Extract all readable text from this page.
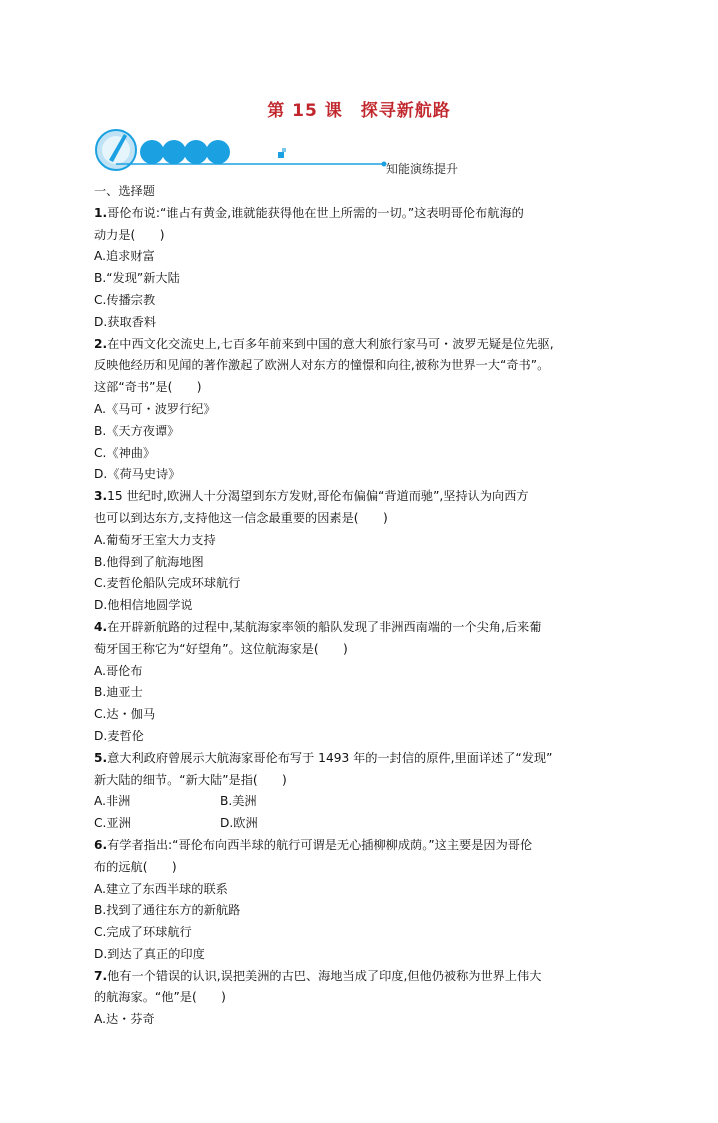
第 15 课　探寻新航路
知能演练提升
一、选择题
1.哥伦布说:“谁占有黄金,谁就能获得他在世上所需的一切。”这表明哥伦布航海的
动力是(　　)
A.追求财富
B.“发现”新大陆
C.传播宗教
D.获取香料
2.在中西文化交流史上,七百多年前来到中国的意大利旅行家马可・波罗无疑是位先驱,
反映他经历和见闻的著作激起了欧洲人对东方的憧憬和向往,被称为世界一大“奇书”。
这部“奇书”是(　　)
A.《马可・波罗行纪》
B.《天方夜谭》
C.《神曲》
D.《荷马史诗》
3.15 世纪时,欧洲人十分渴望到东方发财,哥伦布偏偏“背道而驰”,坚持认为向西方
也可以到达东方,支持他这一信念最重要的因素是(　　)
A.葡萄牙王室大力支持
B.他得到了航海地图
C.麦哲伦船队完成环球航行
D.他相信地圆学说
4.在开辟新航路的过程中,某航海家率领的船队发现了非洲西南端的一个尖角,后来葡
萄牙国王称它为“好望角”。这位航海家是(　　)
A.哥伦布
B.迪亚士
C.达・伽马
D.麦哲伦
5.意大利政府曾展示大航海家哥伦布写于 1493 年的一封信的原件,里面详述了“发现”
新大陆的细节。“新大陆”是指(　　)
A.非洲	B.美洲
C.亚洲	D.欧洲
6.有学者指出:“哥伦布向西半球的航行可谓是无心插柳柳成荫。”这主要是因为哥伦
布的远航(　　)
A.建立了东西半球的联系
B.找到了通往东方的新航路
C.完成了环球航行
D.到达了真正的印度
7.他有一个错误的认识,误把美洲的古巴、海地当成了印度,但他仍被称为世界上伟大
的航海家。“他”是(　　)
A.达・芬奇
